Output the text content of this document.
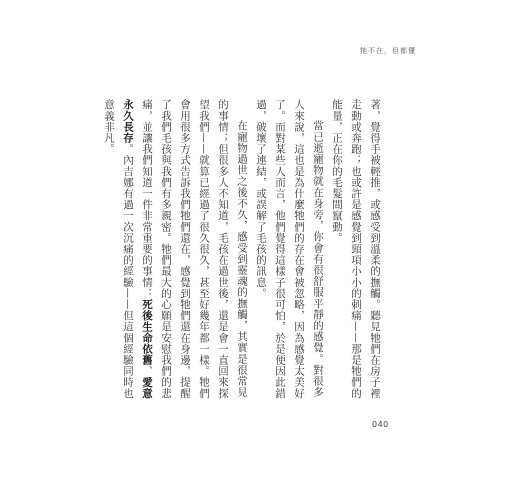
牠不在，但都懂

著，覺得手被輕推，或感受到溫柔的撫觸。聽見牠們在房子裡走動或奔跑；也或許是感覺到頸項小小的刺痛——那是牠們的能量，正在你的毛髮間竄動。

當已逝寵物就在身旁，你會有很舒服平靜的感覺。對很多人來說，這也是為什麼牠們的存在會被忽略，因為感覺太美好了。而對某些人而言，他們覺得這樣子很可怕，於是便因此錯過，破壞了連結，或誤解了毛孩的訊息。

在寵物過世之後不久，感受到靈魂的撫觸，其實是很常見的事情；但很多人不知道，毛孩在過世後，還是會一直回來探望我們——就算已經過了很久很久，甚至好幾年都一樣。牠們會用很多方式告訴我們牠們還在，感覺到牠們還在身邊，提醒了我們毛孩與我們有多親密。牠們最大的心願是安慰我們的悲痛，並讓我們知道一件非常重要的事情：死後生命依舊、愛意永久長存。內吉娜有過一次沉痛的經驗——但這個經驗同時也意義非凡。

040
